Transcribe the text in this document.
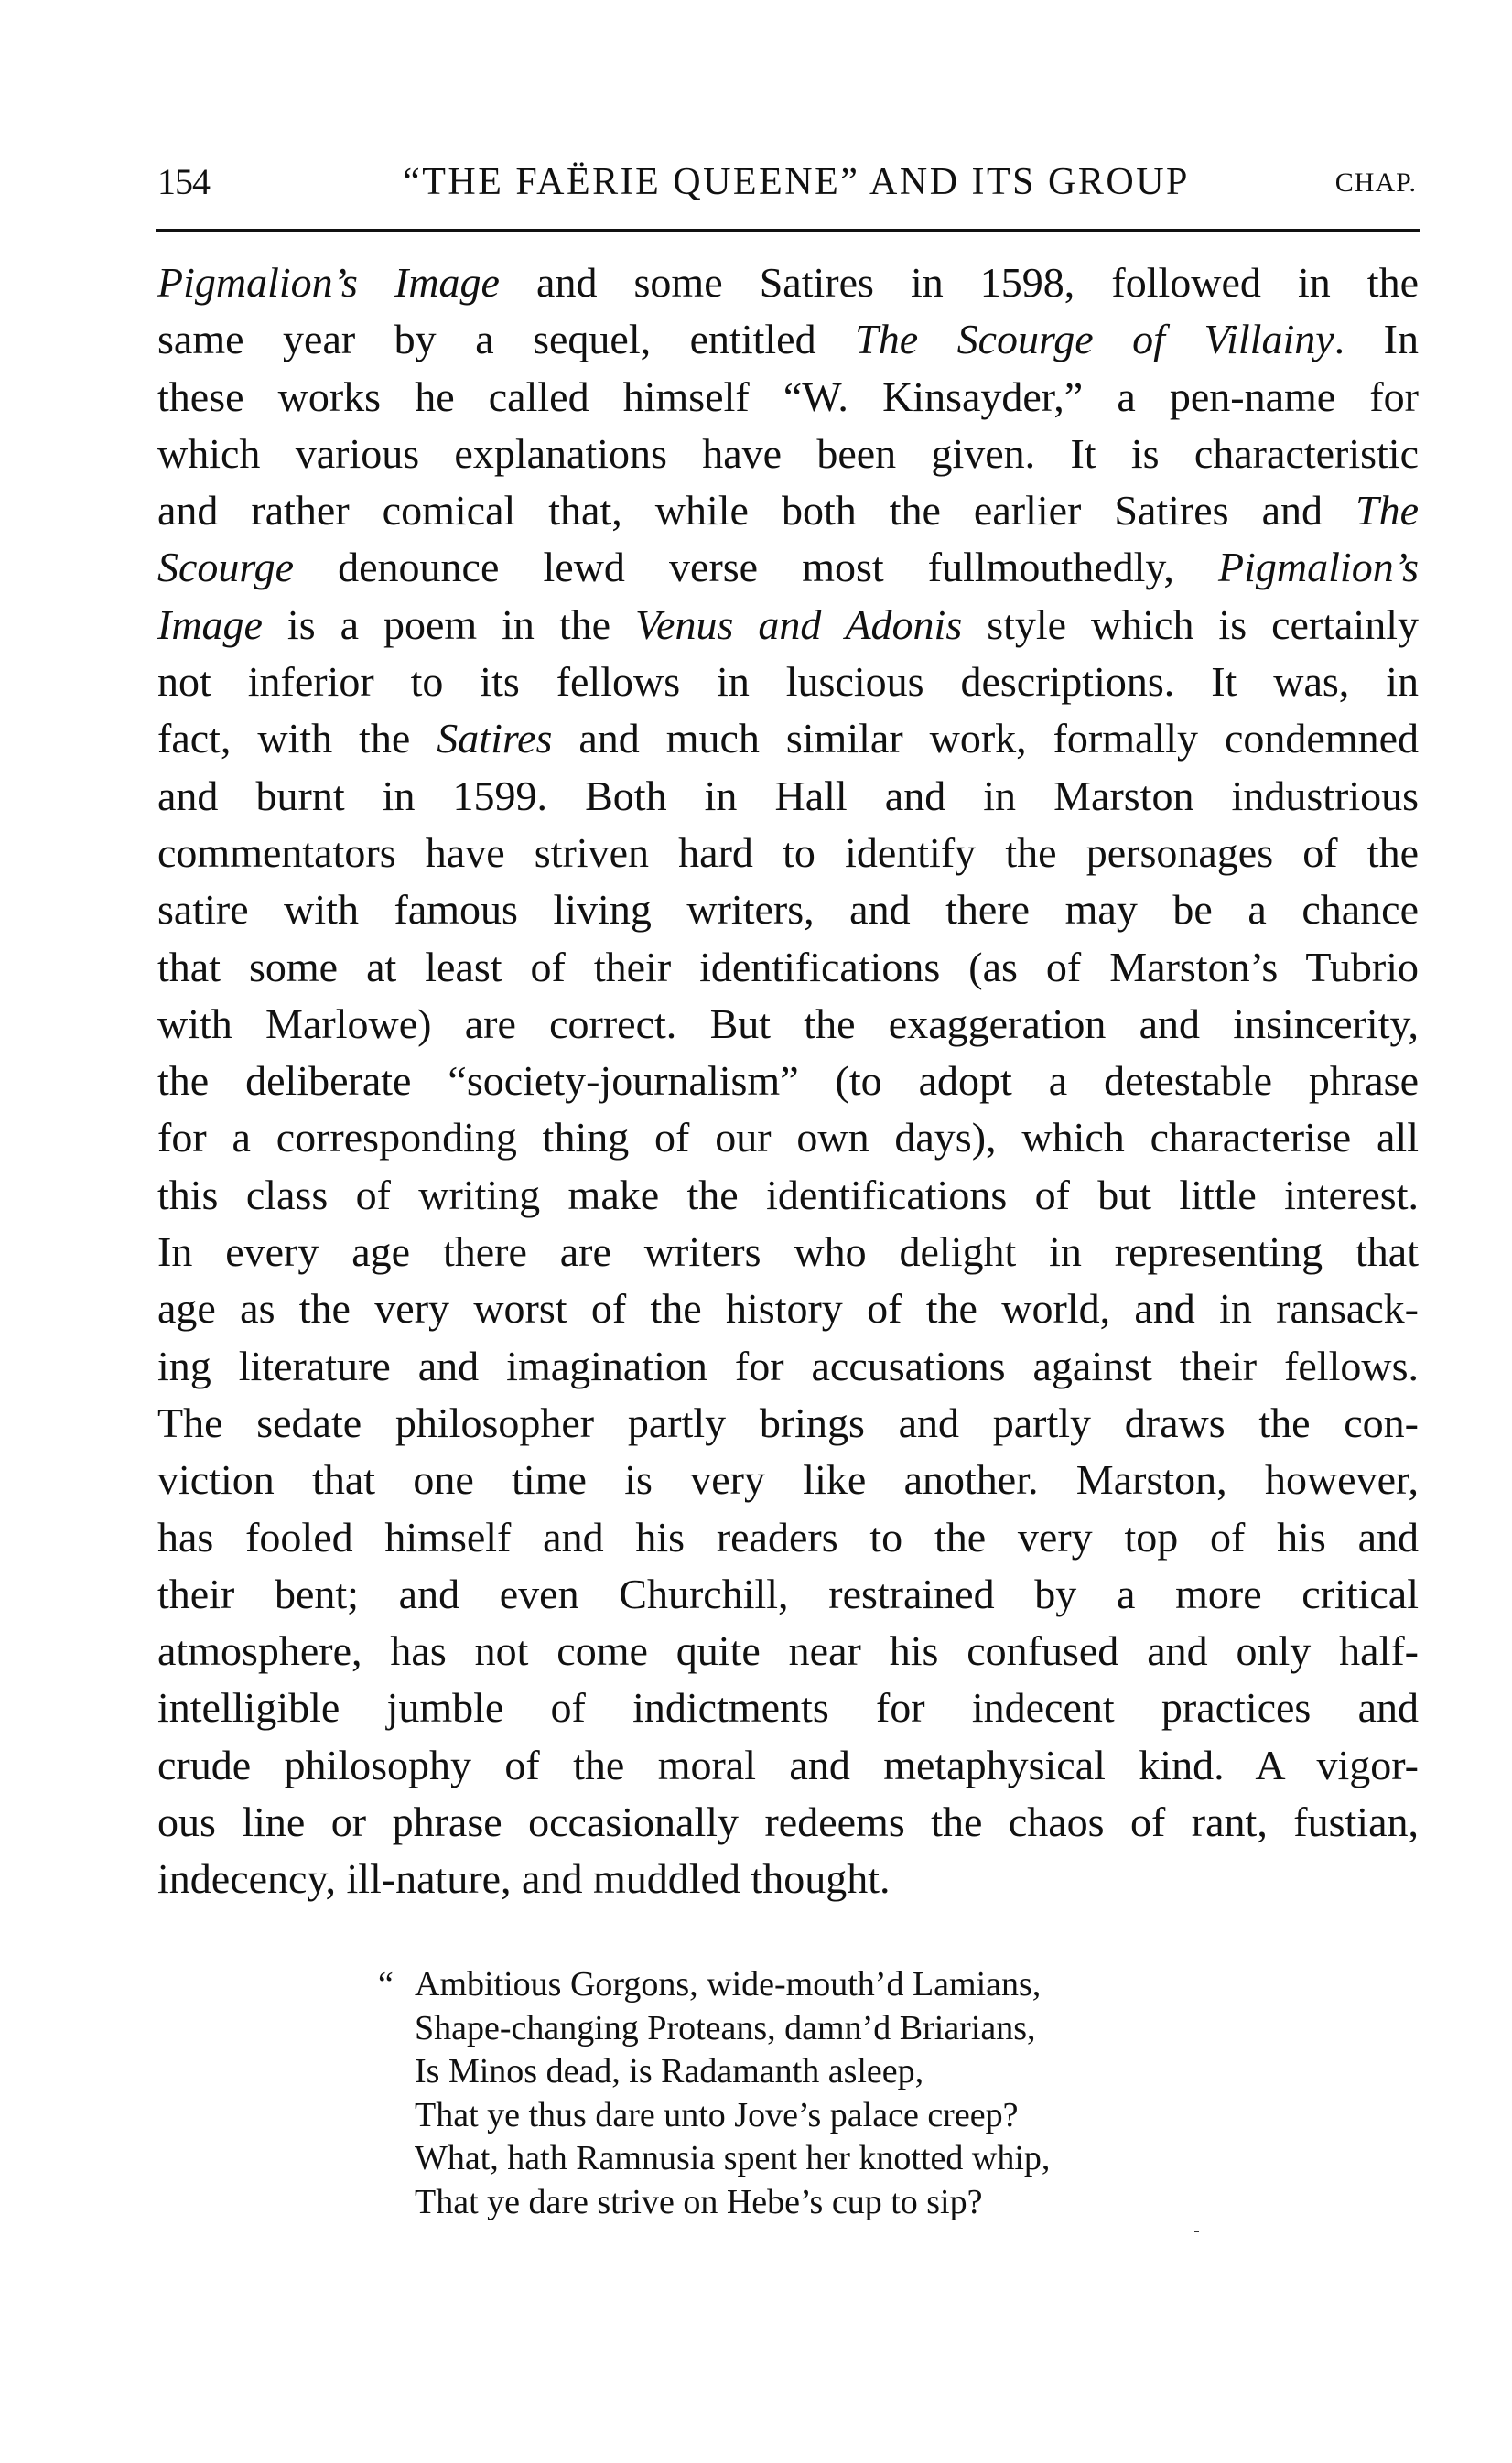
154	“THE FAËRIE QUEENE” AND ITS GROUP	CHAP.
Pigmalion’s Image and some Satires in 1598, followed in the
same year by a sequel, entitled The Scourge of Villainy. In
these works he called himself “W. Kinsayder,” a pen-name for
which various explanations have been given. It is characteristic
and rather comical that, while both the earlier Satires and The
Scourge denounce lewd verse most fullmouthedly, Pigmalion’s
Image is a poem in the Venus and Adonis style which is certainly
not inferior to its fellows in luscious descriptions. It was, in
fact, with the Satires and much similar work, formally condemned
and burnt in 1599. Both in Hall and in Marston industrious
commentators have striven hard to identify the personages of the
satire with famous living writers, and there may be a chance
that some at least of their identifications (as of Marston’s Tubrio
with Marlowe) are correct. But the exaggeration and insincerity,
the deliberate “society-journalism” (to adopt a detestable phrase
for a corresponding thing of our own days), which characterise all
this class of writing make the identifications of but little interest.
In every age there are writers who delight in representing that
age as the very worst of the history of the world, and in ransack-
ing literature and imagination for accusations against their fellows.
The sedate philosopher partly brings and partly draws the con-
viction that one time is very like another. Marston, however,
has fooled himself and his readers to the very top of his and
their bent; and even Churchill, restrained by a more critical
atmosphere, has not come quite near his confused and only half-
intelligible jumble of indictments for indecent practices and
crude philosophy of the moral and metaphysical kind. A vigor-
ous line or phrase occasionally redeems the chaos of rant, fustian,
indecency, ill-nature, and muddled thought.
“ Ambitious Gorgons, wide-mouth’d Lamians,
Shape-changing Proteans, damn’d Briarians,
Is Minos dead, is Radamanth asleep,
That ye thus dare unto Jove’s palace creep?
What, hath Ramnusia spent her knotted whip,
That ye dare strive on Hebe’s cup to sip?
